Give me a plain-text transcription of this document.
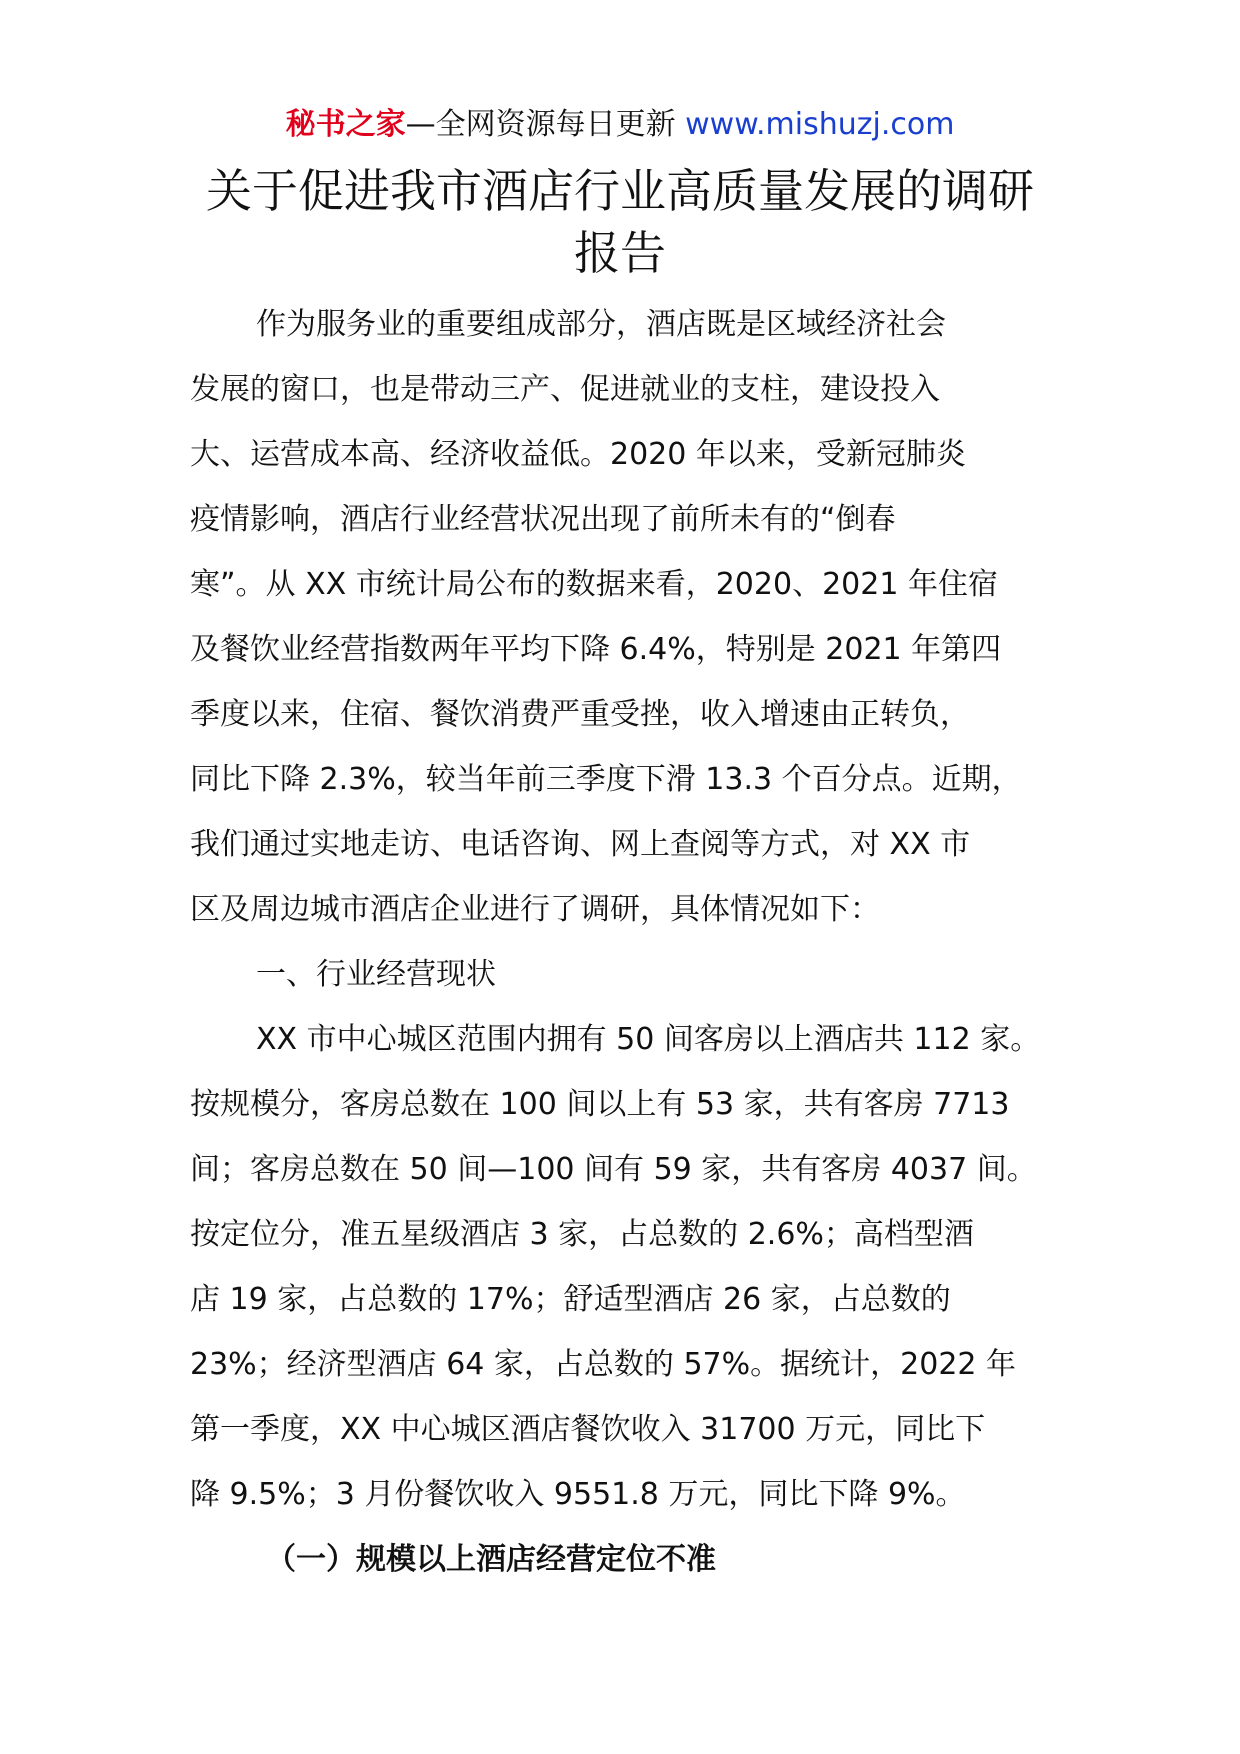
秘书之家—全网资源每日更新 www.mishuzj.com
关于促进我市酒店行业高质量发展的调研
报告
作为服务业的重要组成部分，酒店既是区域经济社会
发展的窗口，也是带动三产、促进就业的支柱，建设投入
大、运营成本高、经济收益低。2020 年以来，受新冠肺炎
疫情影响，酒店行业经营状况出现了前所未有的“倒春
寒”。从 XX 市统计局公布的数据来看，2020、2021 年住宿
及餐饮业经营指数两年平均下降 6.4%，特别是 2021 年第四
季度以来，住宿、餐饮消费严重受挫，收入增速由正转负，
同比下降 2.3%，较当年前三季度下滑 13.3 个百分点。近期，
我们通过实地走访、电话咨询、网上查阅等方式，对 XX 市
区及周边城市酒店企业进行了调研，具体情况如下：
一、行业经营现状
XX 市中心城区范围内拥有 50 间客房以上酒店共 112 家。
按规模分，客房总数在 100 间以上有 53 家，共有客房 7713
间；客房总数在 50 间—100 间有 59 家，共有客房 4037 间。
按定位分，准五星级酒店 3 家，占总数的 2.6%；高档型酒
店 19 家，占总数的 17%；舒适型酒店 26 家，占总数的
23%；经济型酒店 64 家，占总数的 57%。据统计，2022 年
第一季度，XX 中心城区酒店餐饮收入 31700 万元，同比下
降 9.5%；3 月份餐饮收入 9551.8 万元，同比下降 9%。
（一）规模以上酒店经营定位不准
